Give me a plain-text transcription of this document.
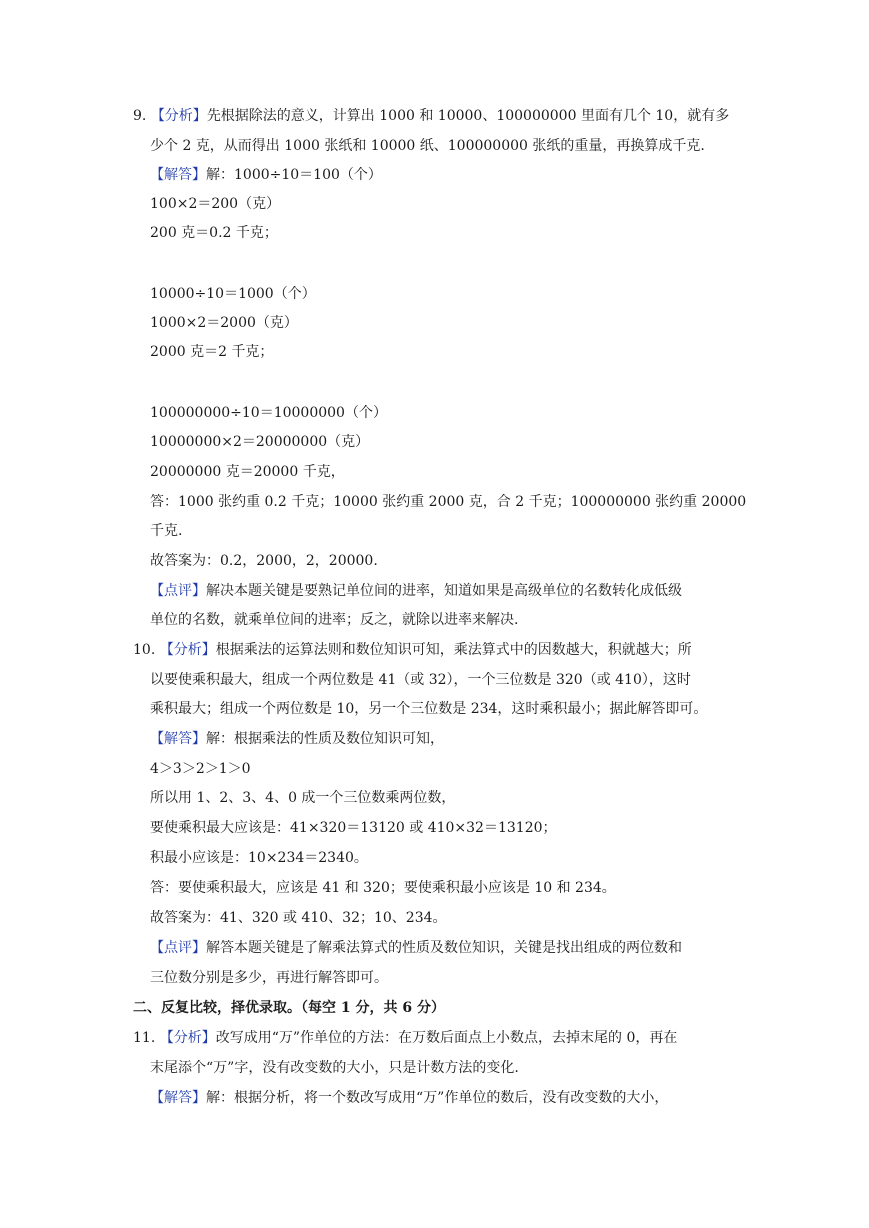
9. 【分析】先根据除法的意义，计算出 1000 和 10000、100000000 里面有几个 10，就有多
少个 2 克，从而得出 1000 张纸和 10000 纸、100000000 张纸的重量，再换算成千克.
【解答】解：1000÷10＝100（个）
100×2＝200（克）
200 克＝0.2 千克；
10000÷10＝1000（个）
1000×2＝2000（克）
2000 克＝2 千克；
100000000÷10＝10000000（个）
10000000×2＝20000000（克）
20000000 克＝20000 千克，
答：1000 张约重 0.2 千克；10000 张约重 2000 克，合 2 千克；100000000 张约重 20000
千克.
故答案为：0.2，2000，2，20000.
【点评】解决本题关键是要熟记单位间的进率，知道如果是高级单位的名数转化成低级
单位的名数，就乘单位间的进率；反之，就除以进率来解决.
10. 【分析】根据乘法的运算法则和数位知识可知，乘法算式中的因数越大，积就越大；所
以要使乘积最大，组成一个两位数是 41（或 32），一个三位数是 320（或 410），这时
乘积最大；组成一个两位数是 10，另一个三位数是 234，这时乘积最小；据此解答即可。
【解答】解：根据乘法的性质及数位知识可知，
4＞3＞2＞1＞0
所以用 1、2、3、4、0 成一个三位数乘两位数，
要使乘积最大应该是：41×320＝13120 或 410×32＝13120；
积最小应该是：10×234＝2340。
答：要使乘积最大，应该是 41 和 320；要使乘积最小应该是 10 和 234。
故答案为：41、320 或 410、32；10、234。
【点评】解答本题关键是了解乘法算式的性质及数位知识，关键是找出组成的两位数和
三位数分别是多少，再进行解答即可。
二、反复比较，择优录取。（每空 1 分，共 6 分）
11. 【分析】改写成用“万”作单位的方法：在万数后面点上小数点，去掉末尾的 0，再在
末尾添个“万”字，没有改变数的大小，只是计数方法的变化.
【解答】解：根据分析，将一个数改写成用“万”作单位的数后，没有改变数的大小，
